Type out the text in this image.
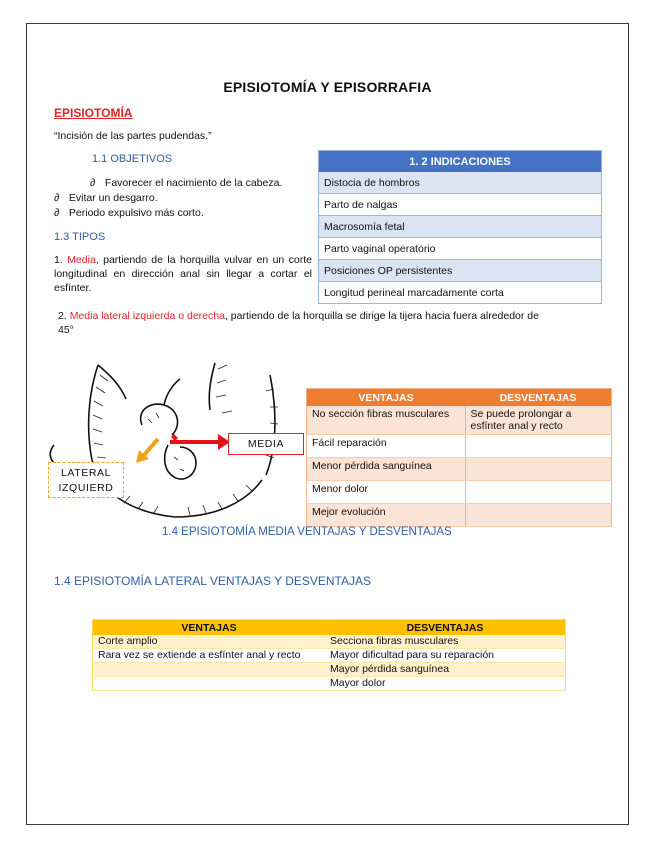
EPISIOTOMÍA Y EPISORRAFIA
EPISIOTOMÍA
“Incisión de las partes pudendas.”
1.1 OBJETIVOS
∂ Favorecer el nacimiento de la cabeza.
∂ Evitar un desgarro.
∂ Periodo expulsivo más corto.
1.3 TIPOS
1. Media, partiendo de la horquilla vulvar en un corte longitudinal en dirección anal sin llegar a cortar el esfínter.
2. Media lateral izquierda o derecha, partiendo de la horquilla se dirige la tijera hacia fuera alrededor de 45°
1. 2 INDICACIONES
Distocia de hombros
Parto de nalgas
Macrosomía fetal
Parto vaginal operatorio
Posiciones OP persistentes
Longitud perineal marcadamente corta
MEDIA
LATERAL
IZQUIERD
VENTAJAS	DESVENTAJAS
No sección fibras musculares	Se puede prolongar a esfínter anal y recto
Fácil reparación	
Menor pérdida sanguínea	
Menor dolor	
Mejor evolución	
1.4 EPISIOTOMÍA MEDIA VENTAJAS Y DESVENTAJAS
1.4 EPISIOTOMÍA LATERAL VENTAJAS Y DESVENTAJAS
VENTAJAS	DESVENTAJAS
Corte amplio	Secciona fibras musculares
Rara vez se extiende a esfínter anal y recto	Mayor dificultad para su reparación
	Mayor pérdida sanguínea
	Mayor dolor
